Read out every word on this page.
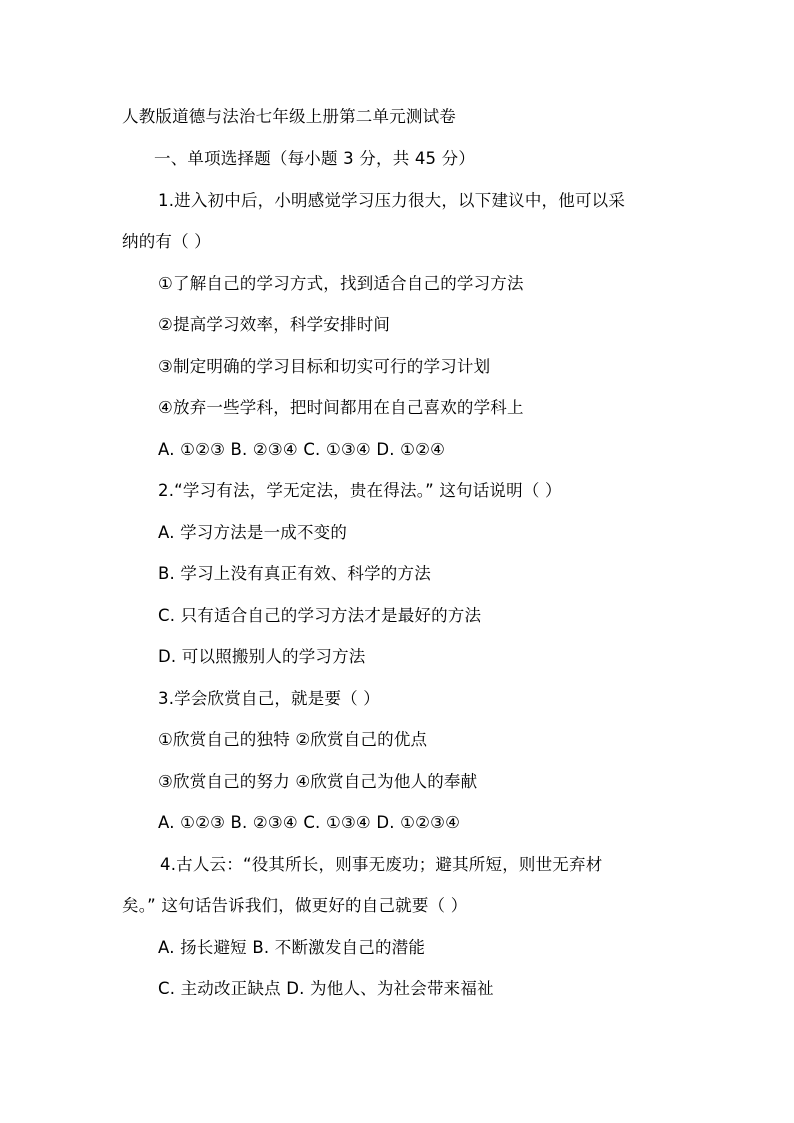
人教版道德与法治七年级上册第二单元测试卷
一、单项选择题（每小题 3 分，共 45 分）
1.进入初中后，小明感觉学习压力很大，以下建议中，他可以采
纳的有（ ）
①了解自己的学习方式，找到适合自己的学习方法
②提高学习效率，科学安排时间
③制定明确的学习目标和切实可行的学习计划
④放弃一些学科，把时间都用在自己喜欢的学科上
A. ①②③ B. ②③④ C. ①③④ D. ①②④
2.“学习有法，学无定法，贵在得法。” 这句话说明（ ）
A. 学习方法是一成不变的
B. 学习上没有真正有效、科学的方法
C. 只有适合自己的学习方法才是最好的方法
D. 可以照搬别人的学习方法
3.学会欣赏自己，就是要（ ）
①欣赏自己的独特 ②欣赏自己的优点
③欣赏自己的努力 ④欣赏自己为他人的奉献
A. ①②③ B. ②③④ C. ①③④ D. ①②③④
4.古人云：“役其所长，则事无废功；避其所短，则世无弃材
矣。” 这句话告诉我们，做更好的自己就要（ ）
A. 扬长避短 B. 不断激发自己的潜能
C. 主动改正缺点 D. 为他人、为社会带来福祉
